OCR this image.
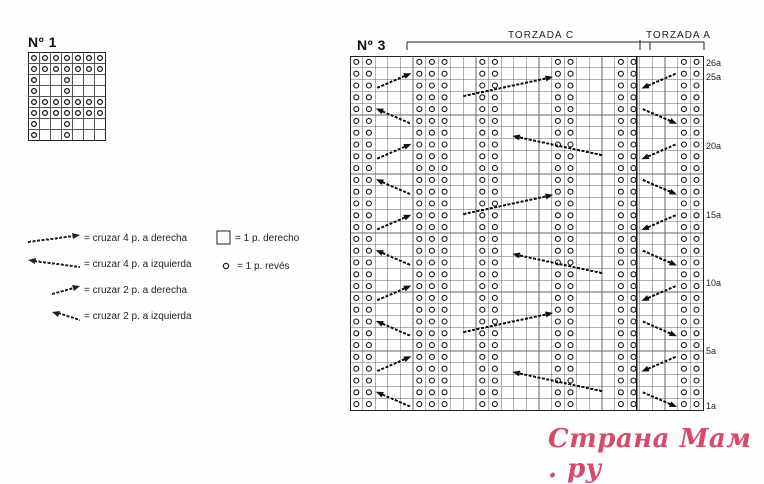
Nº 1
= cruzar 4 p. a derecha
= cruzar 4 p. a izquierda
= cruzar 2 p. a derecha
= cruzar 2 p. a izquierda
= 1 p. derecho
= 1 p. revés
Nº 3
TORZADA C	TORZADA A
26a
25a
20a
15a
10a
5a
1a
Страна Мам . ру
